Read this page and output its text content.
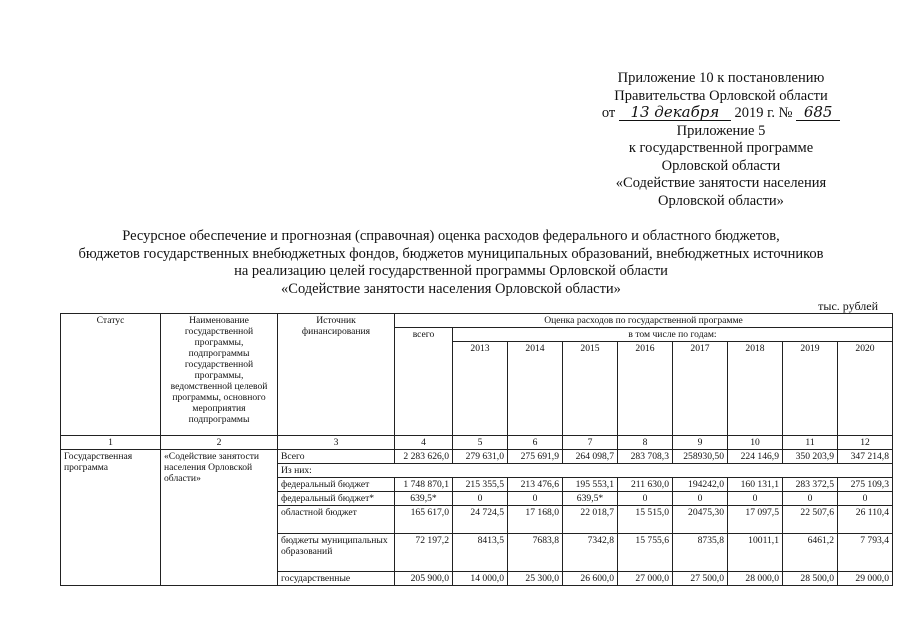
Приложение 10 к постановлению
Правительства Орловской области
от 13 декабря 2019 г. № 685
Приложение 5
к государственной программе
Орловской области
«Содействие занятости населения
Орловской области»
Ресурсное обеспечение и прогнозная (справочная) оценка расходов федерального и областного бюджетов,
бюджетов государственных внебюджетных фондов, бюджетов муниципальных образований, внебюджетных источников
на реализацию целей государственной программы Орловской области
«Содействие занятости населения Орловской области»
тыс. рублей
Статус	Наименование государственной программы, подпрограммы государственной программы, ведомственной целевой программы, основного мероприятия подпрограммы	Источник финансирования	Оценка расходов по государственной программе								
			всего	в том числе по годам:							
				2013	2014	2015	2016	2017	2018	2019	2020
1	2	3	4	5	6	7	8	9	10	11	12
Государственная программа	«Содействие занятости населения Орловской области»	Всего	2 283 626,0	279 631,0	275 691,9	264 098,7	283 708,3	258930,50	224 146,9	350 203,9	347 214,8
		Из них:									
		федеральный бюджет	1 748 870,1	215 355,5	213 476,6	195 553,1	211 630,0	194242,0	160 131,1	283 372,5	275 109,3
		федеральный бюджет*	639,5*	0	0	639,5*	0	0	0	0	0
		областной бюджет	165 617,0	24 724,5	17 168,0	22 018,7	15 515,0	20475,30	17 097,5	22 507,6	26 110,4
		бюджеты муниципальных образований	72 197,2	8413,5	7683,8	7342,8	15 755,6	8735,8	10011,1	6461,2	7 793,4
		государственные	205 900,0	14 000,0	25 300,0	26 600,0	27 000,0	27 500,0	28 000,0	28 500,0	29 000,0
